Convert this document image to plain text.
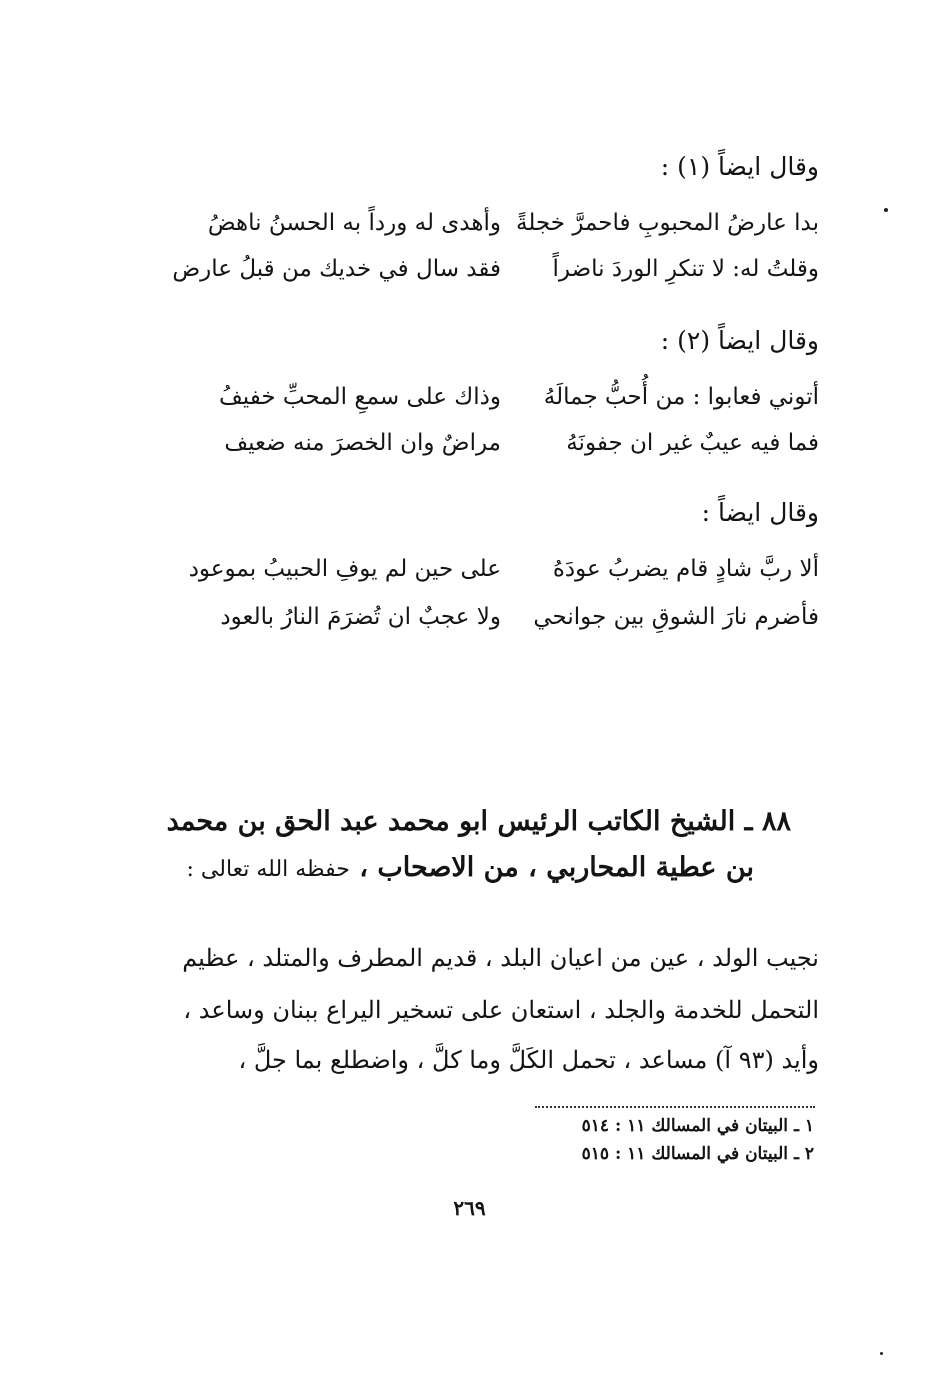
وقال ايضاً (١) :
بدا عارضُ المحبوبِ فاحمرَّ خجلةً
وأهدى له ورداً به الحسنُ ناهضُ
وقلتُ له: لا تنكرِ الوردَ ناضراً
فقد سال في خديك من قبلُ عارض
وقال ايضاً (٢) :
أتوني فعابوا : من أُحبُّ جمالَهُ
وذاك على سمعِ المحبِّ خفيفُ
فما فيه عيبٌ غير ان جفونَهُ
مراضٌ وان الخصرَ منه ضعيف
وقال ايضاً :
ألا ربَّ شادٍ قام يضربُ عودَهُ
على حين لم يوفِ الحبيبُ بموعود
فأضرم نارَ الشوقِ بين جوانحي
ولا عجبٌ ان تُضرَمَ النارُ بالعود
٨٨ ـ الشيخ الكاتب الرئيس ابو محمد عبد الحق بن محمد
بن عطية المحاربي ، من الاصحاب ، حفظه الله تعالى :
نجيب الولد ، عين من اعيان البلد ، قديم المطرف والمتلد ، عظيم
التحمل للخدمة والجلد ، استعان على تسخير اليراع ببنان وساعد ،
وأيد (٩٣ آ) مساعد ، تحمل الكَلَّ وما كلَّ ، واضطلع بما جلَّ ،
١ ـ البيتان في المسالك ١١ : ٥١٤
٢ ـ البيتان في المسالك ١١ : ٥١٥
٢٦٩
